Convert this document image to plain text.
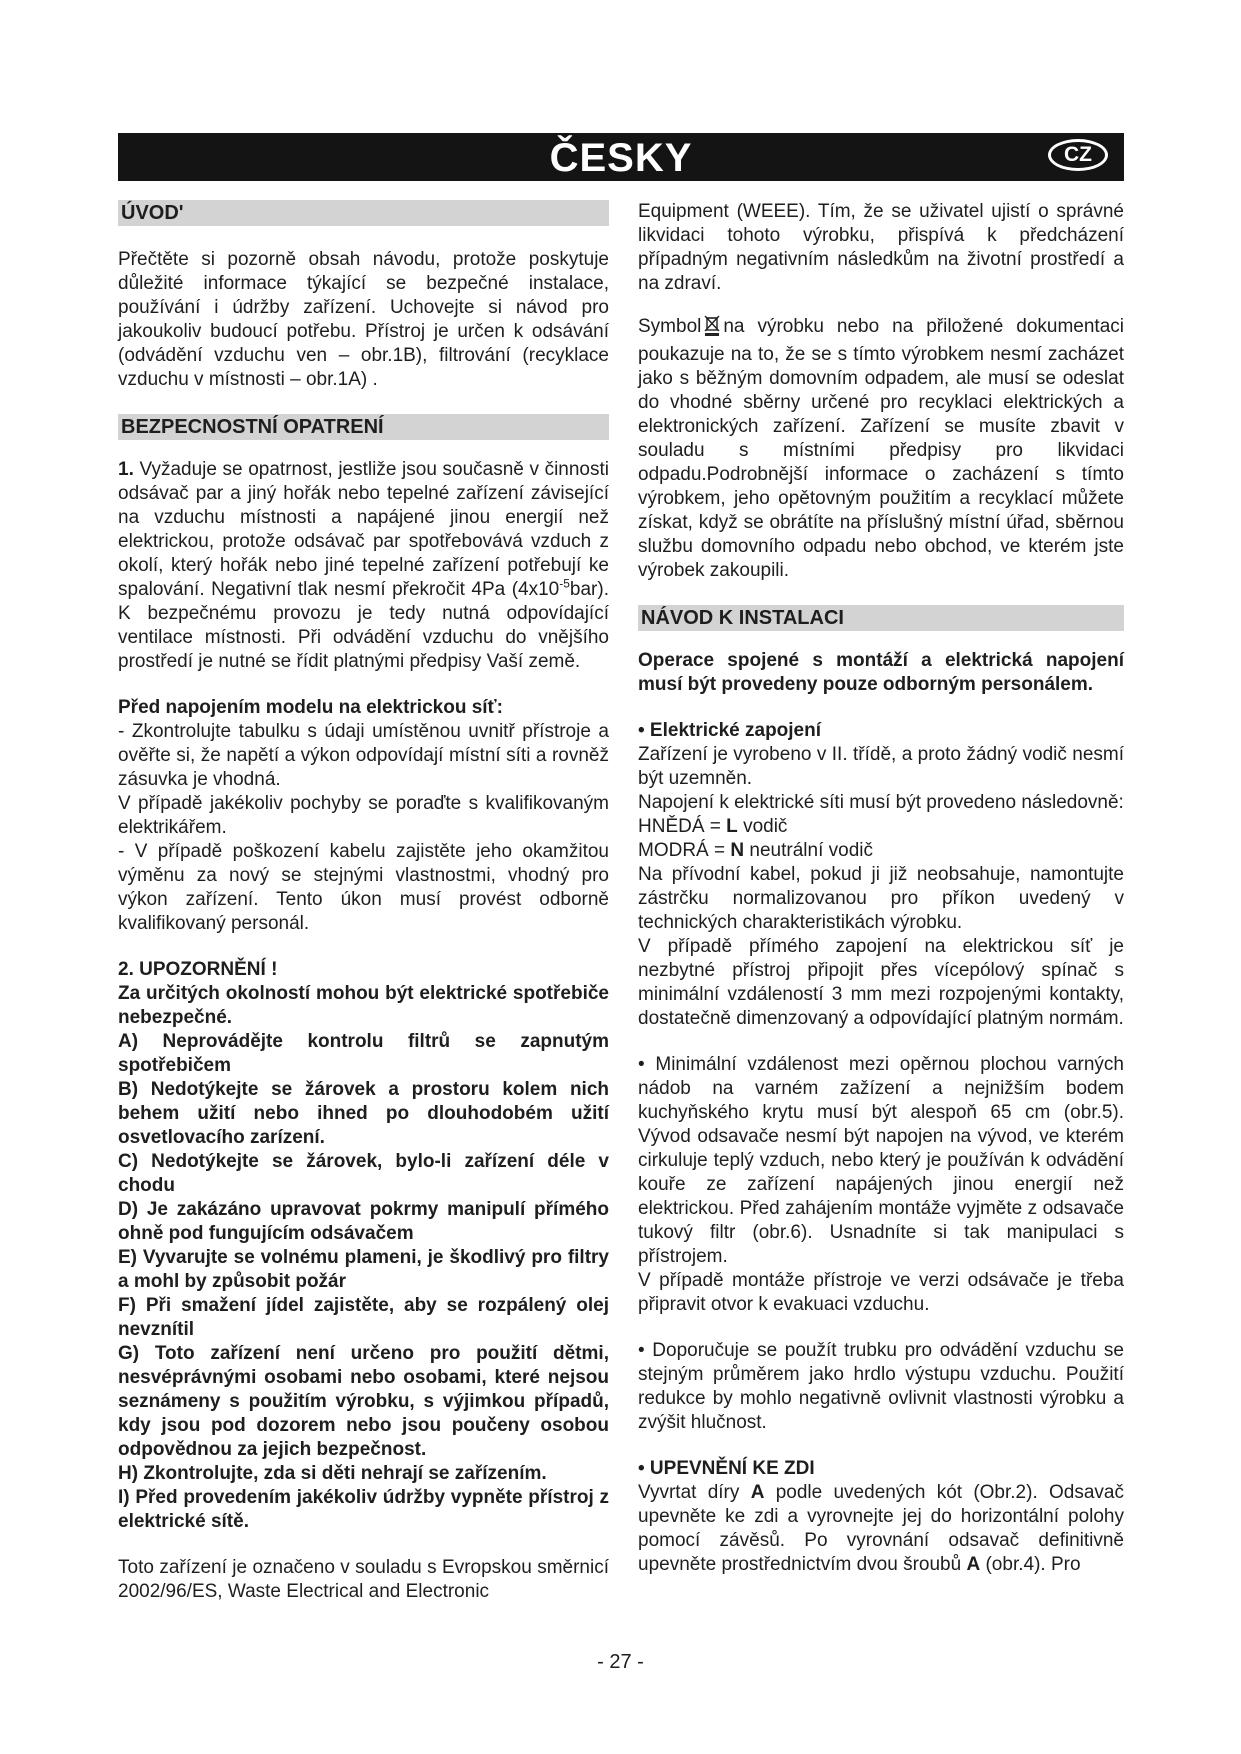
ČESKY	CZ
ÚVOD'

Přečtěte si pozorně obsah návodu, protože poskytuje důležité informace týkající se bezpečné instalace, používání i údržby zařízení. Uchovejte si návod pro jakoukoliv budoucí potřebu. Přístroj je určen k odsávání (odvádění vzduchu ven – obr.1B), filtrování (recyklace vzduchu v místnosti – obr.1A) .

BEZPECNOSTNÍ OPATRENÍ

1. Vyžaduje se opatrnost, jestliže jsou současně v činnosti odsávač par a jiný hořák nebo tepelné zařízení závisející na vzduchu místnosti a napájené jinou energií než elektrickou, protože odsávač par spotřebovává vzduch z okolí, který hořák nebo jiné tepelné zařízení potřebují ke spalování. Negativní tlak nesmí překročit 4Pa $(4x10^{-5}bar)$. K bezpečnému provozu je tedy nutná odpovídající ventilace místnosti. Při odvádění vzduchu do vnějšího prostředí je nutné se řídit platnými předpisy Vaší země.

Před napojením modelu na elektrickou síť:

- Zkontrolujte tabulku s údaji umístěnou uvnitř přístroje a ověřte si, že napětí a výkon odpovídají místní síti a rovněž zásuvka je vhodná.

V případě jakékoliv pochyby se poraďte s kvalifikovaným elektrikářem.

- V případě poškození kabelu zajistěte jeho okamžitou výměnu za nový se stejnými vlastnostmi, vhodný pro výkon zařízení. Tento úkon musí provést odborně kvalifikovaný personál.

2. UPOZORNĚNÍ !

Za určitých okolností mohou být elektrické spotřebiče nebezpečné.

A) Neprovádějte kontrolu filtrů se zapnutým spotřebičem

B) Nedotýkejte se žárovek a prostoru kolem nich behem užití nebo ihned po dlouhodobém užití osvetlovacího zarízení.

C) Nedotýkejte se žárovek, bylo-li zařízení déle v chodu

D) Je zakázáno upravovat pokrmy manipulí přímého ohně pod fungujícím odsávačem

E) Vyvarujte se volnému plameni, je škodlivý pro filtry a mohl by způsobit požár

F) Při smažení jídel zajistěte, aby se rozpálený olej nevznítil

G) Toto zařízení není určeno pro použití dětmi, nesvéprávnými osobami nebo osobami, které nejsou seznámeny s použitím výrobku, s výjimkou případů, kdy jsou pod dozorem nebo jsou poučeny osobou odpovědnou za jejich bezpečnost.

H) Zkontrolujte, zda si děti nehrají se zařízením.

I) Před provedením jakékoliv údržby vypněte přístroj z elektrické sítě.

Toto zařízení je označeno v souladu s Evropskou směrnicí 2002/96/ES, Waste Electrical and Electronic

Equipment (WEEE). Tím, že se uživatel ujistí o správné likvidaci tohoto výrobku, přispívá k předcházení případným negativním následkům na životní prostředí a na zdraví.

Symbol na výrobku nebo na přiložené dokumentaci poukazuje na to, že se s tímto výrobkem nesmí zacházet jako s běžným domovním odpadem, ale musí se odeslat do vhodné sběrny určené pro recyklaci elektrických a elektronických zařízení. Zařízení se musíte zbavit v souladu s místními předpisy pro likvidaci odpadu.Podrobnější informace o zacházení s tímto výrobkem, jeho opětovným použitím a recyklací můžete získat, když se obrátíte na příslušný místní úřad, sběrnou službu domovního odpadu nebo obchod, ve kterém jste výrobek zakoupili.

NÁVOD K INSTALACI

Operace spojené s montáží a elektrická napojení musí být provedeny pouze odborným personálem.

• Elektrické zapojení

Zařízení je vyrobeno v II. třídě, a proto žádný vodič nesmí být uzemněn.

Napojení k elektrické síti musí být provedeno následovně:

HNĚDÁ = L vodič

MODRÁ = N neutrální vodič

Na přívodní kabel, pokud ji již neobsahuje, namontujte zástrčku normalizovanou pro příkon uvedený v technických charakteristikách výrobku.

V případě přímého zapojení na elektrickou síť je nezbytné přístroj připojit přes vícepólový spínač s minimální vzdáleností 3 mm mezi rozpojenými kontakty, dostatečně dimenzovaný a odpovídající platným normám.

• Minimální vzdálenost mezi opěrnou plochou varných nádob na varném zažízení a nejnižším bodem kuchyňského krytu musí být alespoň 65 cm (obr.5). Vývod odsavače nesmí být napojen na vývod, ve kterém cirkuluje teplý vzduch, nebo který je používán k odvádění kouře ze zařízení napájených jinou energií než elektrickou. Před zahájením montáže vyjměte z odsavače tukový filtr (obr.6). Usnadníte si tak manipulaci s přístrojem.

V případě montáže přístroje ve verzi odsávače je třeba připravit otvor k evakuaci vzduchu.

• Doporučuje se použít trubku pro odvádění vzduchu se stejným průměrem jako hrdlo výstupu vzduchu. Použití redukce by mohlo negativně ovlivnit vlastnosti výrobku a zvýšit hlučnost.

• UPEVNĚNÍ KE ZDI

Vyvrtat díry A podle uvedených kót (Obr.2). Odsavač upevněte ke zdi a vyrovnejte jej do horizontální polohy pomocí závěsů. Po vyrovnání odsavač definitivně upevněte prostřednictvím dvou šroubů A (obr.4). Pro

- 27 -
